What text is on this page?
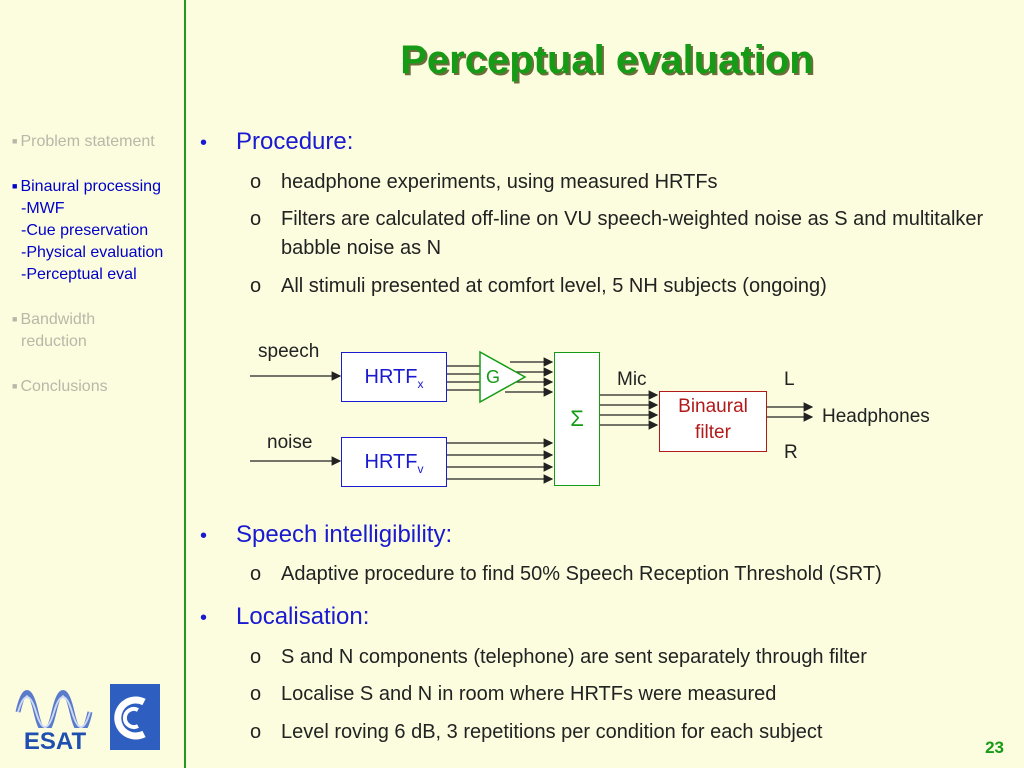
Perceptual evaluation
■ Problem statement
■ Binaural processing
-MWF
-Cue preservation
-Physical evaluation
-Perceptual eval
■ Bandwidth
reduction
■ Conclusions
• Procedure:
o headphone experiments, using measured HRTFs
o Filters are calculated off-line on VU speech-weighted noise as S and multitalker babble noise as N
o All stimuli presented at comfort level, 5 NH subjects (ongoing)
speech
noise
$HRTF_x$
$HRTF_v$
G
Σ
Mic
Binaural
filter
L
R
Headphones
• Speech intelligibility:
o Adaptive procedure to find 50% Speech Reception Threshold (SRT)
• Localisation:
o S and N components (telephone) are sent separately through filter
o Localise S and N in room where HRTFs were measured
o Level roving 6 dB, 3 repetitions per condition for each subject
ESAT	23
